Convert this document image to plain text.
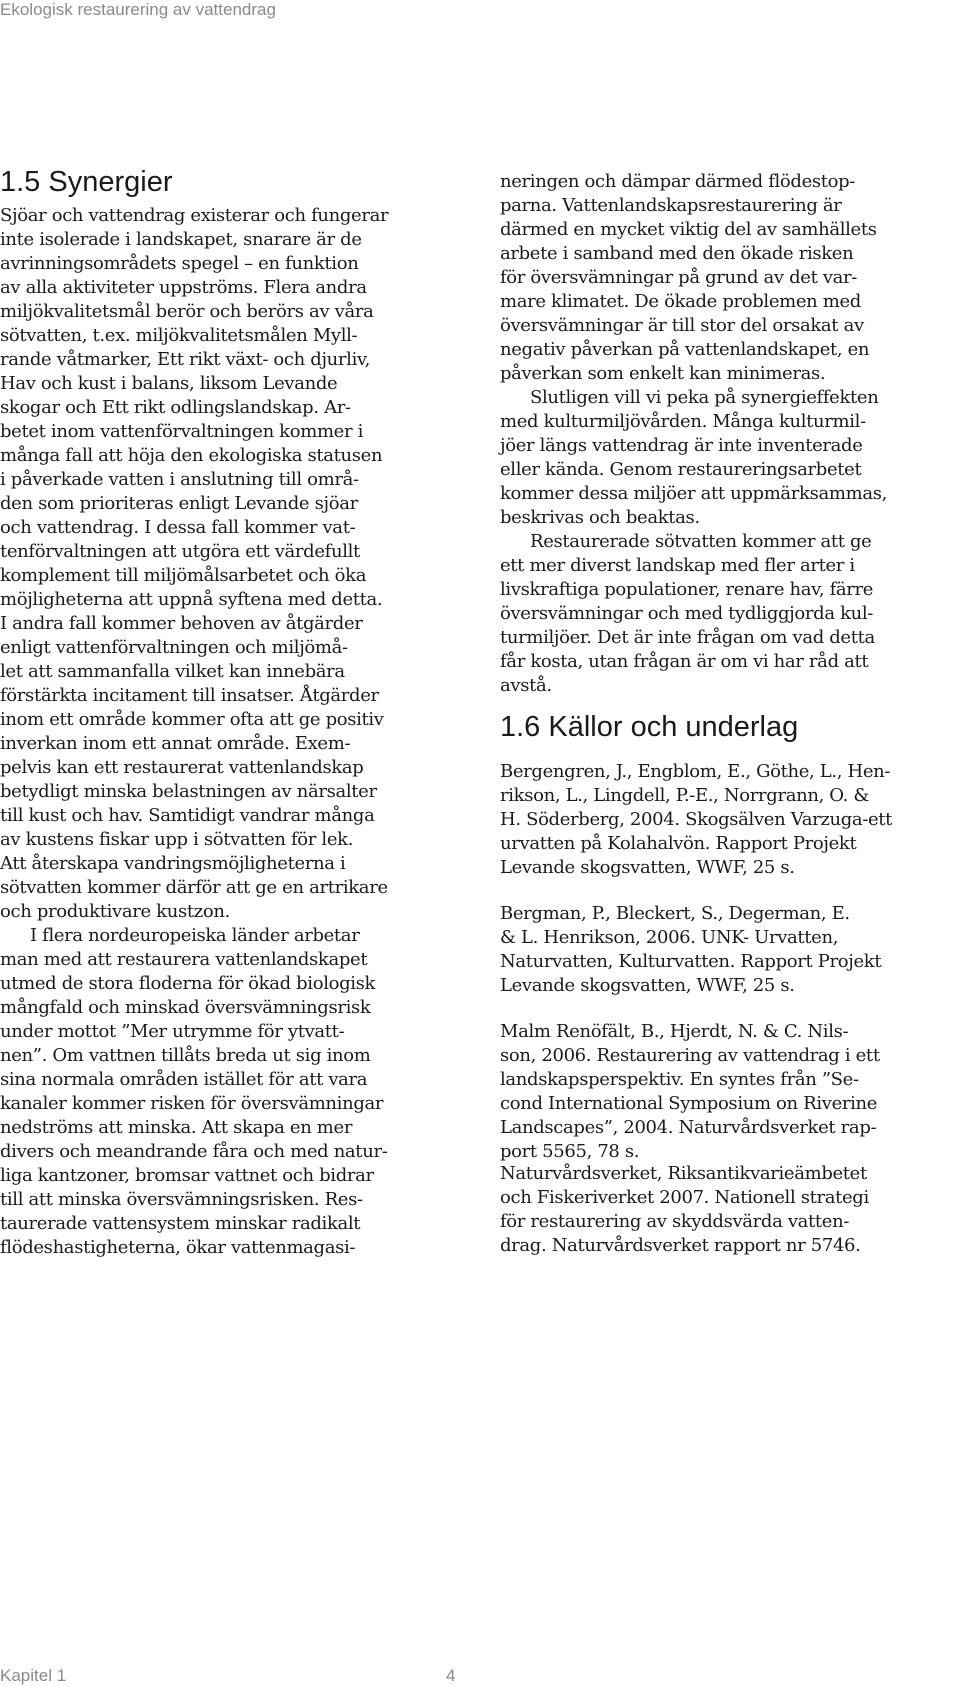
Ekologisk restaurering av vattendrag
1.5 Synergier
Sjöar och vattendrag existerar och fungerar
inte isolerade i landskapet, snarare är de
avrinningsområdets spegel – en funktion
av alla aktiviteter uppströms. Flera andra
miljökvalitetsmål berör och berörs av våra
sötvatten, t.ex. miljökvalitetsmålen Myll-
rande våtmarker, Ett rikt växt- och djurliv,
Hav och kust i balans, liksom Levande
skogar och Ett rikt odlingslandskap. Ar-
betet inom vattenförvaltningen kommer i
många fall att höja den ekologiska statusen
i påverkade vatten i anslutning till områ-
den som prioriteras enligt Levande sjöar
och vattendrag. I dessa fall kommer vat-
tenförvaltningen att utgöra ett värdefullt
komplement till miljömålsarbetet och öka
möjligheterna att uppnå syftena med detta.
I andra fall kommer behoven av åtgärder
enligt vattenförvaltningen och miljömå-
let att sammanfalla vilket kan innebära
förstärkta incitament till insatser. Åtgärder
inom ett område kommer ofta att ge positiv
inverkan inom ett annat område. Exem-
pelvis kan ett restaurerat vattenlandskap
betydligt minska belastningen av närsalter
till kust och hav. Samtidigt vandrar många
av kustens fiskar upp i sötvatten för lek.
Att återskapa vandringsmöjligheterna i
sötvatten kommer därför att ge en artrikare
och produktivare kustzon.
I flera nordeuropeiska länder arbetar
man med att restaurera vattenlandskapet
utmed de stora floderna för ökad biologisk
mångfald och minskad översvämningsrisk
under mottot ”Mer utrymme för ytvatt-
nen”. Om vattnen tillåts breda ut sig inom
sina normala områden istället för att vara
kanaler kommer risken för översvämningar
nedströms att minska. Att skapa en mer
divers och meandrande fåra och med natur-
liga kantzoner, bromsar vattnet och bidrar
till att minska översvämningsrisken. Res-
taurerade vattensystem minskar radikalt
flödeshastigheterna, ökar vattenmagasi-
neringen och dämpar därmed flödestop-
parna. Vattenlandskapsrestaurering är
därmed en mycket viktig del av samhällets
arbete i samband med den ökade risken
för översvämningar på grund av det var-
mare klimatet. De ökade problemen med
översvämningar är till stor del orsakat av
negativ påverkan på vattenlandskapet, en
påverkan som enkelt kan minimeras.
Slutligen vill vi peka på synergieffekten
med kulturmiljövården. Många kulturmil-
jöer längs vattendrag är inte inventerade
eller kända. Genom restaureringsarbetet
kommer dessa miljöer att uppmärksammas,
beskrivas och beaktas.
Restaurerade sötvatten kommer att ge
ett mer diverst landskap med fler arter i
livskraftiga populationer, renare hav, färre
översvämningar och med tydliggjorda kul-
turmiljöer. Det är inte frågan om vad detta
får kosta, utan frågan är om vi har råd att
avstå.
1.6 Källor och underlag
Bergengren, J., Engblom, E., Göthe, L., Hen-
rikson, L., Lingdell, P.-E., Norrgrann, O. &
H. Söderberg, 2004. Skogsälven Varzuga-ett
urvatten på Kolahalvön. Rapport Projekt
Levande skogsvatten, WWF, 25 s.
Bergman, P., Bleckert, S., Degerman, E.
& L. Henrikson, 2006. UNK- Urvatten,
Naturvatten, Kulturvatten. Rapport Projekt
Levande skogsvatten, WWF, 25 s.
Malm Renöfält, B., Hjerdt, N. & C. Nils-
son, 2006. Restaurering av vattendrag i ett
landskapsperspektiv. En syntes från ”Se-
cond International Symposium on Riverine
Landscapes”, 2004. Naturvårdsverket rap-
port 5565, 78 s.
Naturvårdsverket, Riksantikvarieämbetet
och Fiskeriverket 2007. Nationell strategi
för restaurering av skyddsvärda vatten-
drag. Naturvårdsverket rapport nr 5746.
Kapitel 1	4
